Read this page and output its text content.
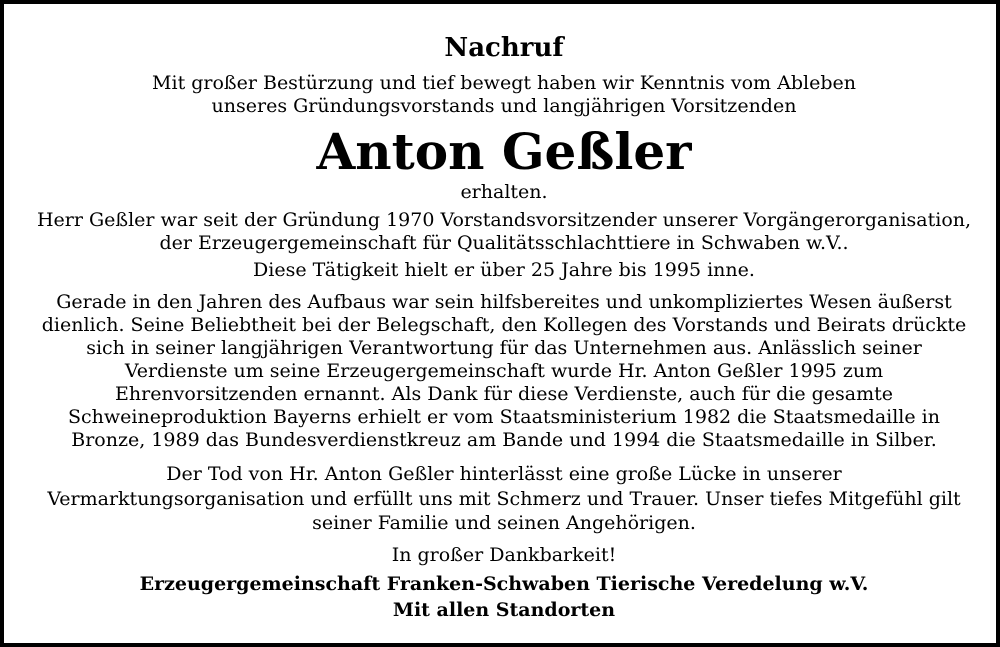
Nachruf
Mit großer Bestürzung und tief bewegt haben wir Kenntnis vom Ableben
unseres Gründungsvorstands und langjährigen Vorsitzenden
Anton Geßler
erhalten.
Herr Geßler war seit der Gründung 1970 Vorstandsvorsitzender unserer Vorgängerorganisation,
der Erzeugergemeinschaft für Qualitätsschlachttiere in Schwaben w.V..
Diese Tätigkeit hielt er über 25 Jahre bis 1995 inne.
Gerade in den Jahren des Aufbaus war sein hilfsbereites und unkompliziertes Wesen äußerst
dienlich. Seine Beliebtheit bei der Belegschaft, den Kollegen des Vorstands und Beirats drückte
sich in seiner langjährigen Verantwortung für das Unternehmen aus. Anlässlich seiner
Verdienste um seine Erzeugergemeinschaft wurde Hr. Anton Geßler 1995 zum
Ehrenvorsitzenden ernannt. Als Dank für diese Verdienste, auch für die gesamte
Schweineproduktion Bayerns erhielt er vom Staatsministerium 1982 die Staatsmedaille in
Bronze, 1989 das Bundesverdienstkreuz am Bande und 1994 die Staatsmedaille in Silber.
Der Tod von Hr. Anton Geßler hinterlässt eine große Lücke in unserer
Vermarktungsorganisation und erfüllt uns mit Schmerz und Trauer. Unser tiefes Mitgefühl gilt
seiner Familie und seinen Angehörigen.
In großer Dankbarkeit!
Erzeugergemeinschaft Franken-Schwaben Tierische Veredelung w.V.
Mit allen Standorten
